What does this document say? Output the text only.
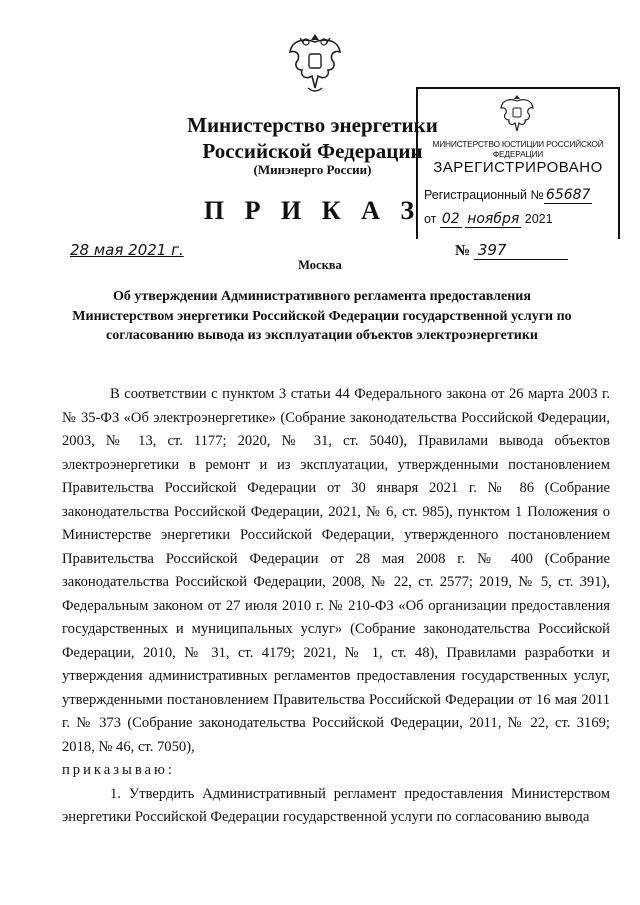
Министерство энергетики
Российской Федерации
(Минэнерго России)
П Р И К А З
МИНИСТЕРСТВО ЮСТИЦИИ РОССИЙСКОЙ ФЕДЕРАЦИИ
ЗАРЕГИСТРИРОВАНО
Регистрационный № 65687
от 02 ноября 2021
28 мая 2021 г.	№ 397
Москва
Об утверждении Административного регламента предоставления Министерством энергетики Российской Федерации государственной услуги по согласованию вывода из эксплуатации объектов электроэнергетики

В соответствии с пунктом 3 статьи 44 Федерального закона от 26 марта 2003 г. № 35-ФЗ «Об электроэнергетике» (Собрание законодательства Российской Федерации, 2003, № 13, ст. 1177; 2020, № 31, ст. 5040), Правилами вывода объектов электроэнергетики в ремонт и из эксплуатации, утвержденными постановлением Правительства Российской Федерации от 30 января 2021 г. № 86 (Собрание законодательства Российской Федерации, 2021, № 6, ст. 985), пунктом 1 Положения о Министерстве энергетики Российской Федерации, утвержденного постановлением Правительства Российской Федерации от 28 мая 2008 г. № 400 (Собрание законодательства Российской Федерации, 2008, № 22, ст. 2577; 2019, № 5, ст. 391), Федеральным законом от 27 июля 2010 г. № 210-ФЗ «Об организации предоставления государственных и муниципальных услуг» (Собрание законодательства Российской Федерации, 2010, № 31, ст. 4179; 2021, № 1, ст. 48), Правилами разработки и утверждения административных регламентов предоставления государственных услуг, утвержденными постановлением Правительства Российской Федерации от 16 мая 2011 г. № 373 (Собрание законодательства Российской Федерации, 2011, № 22, ст. 3169; 2018, № 46, ст. 7050),

приказываю:

1. Утвердить Административный регламент предоставления Министерством энергетики Российской Федерации государственной услуги по согласованию вывода
